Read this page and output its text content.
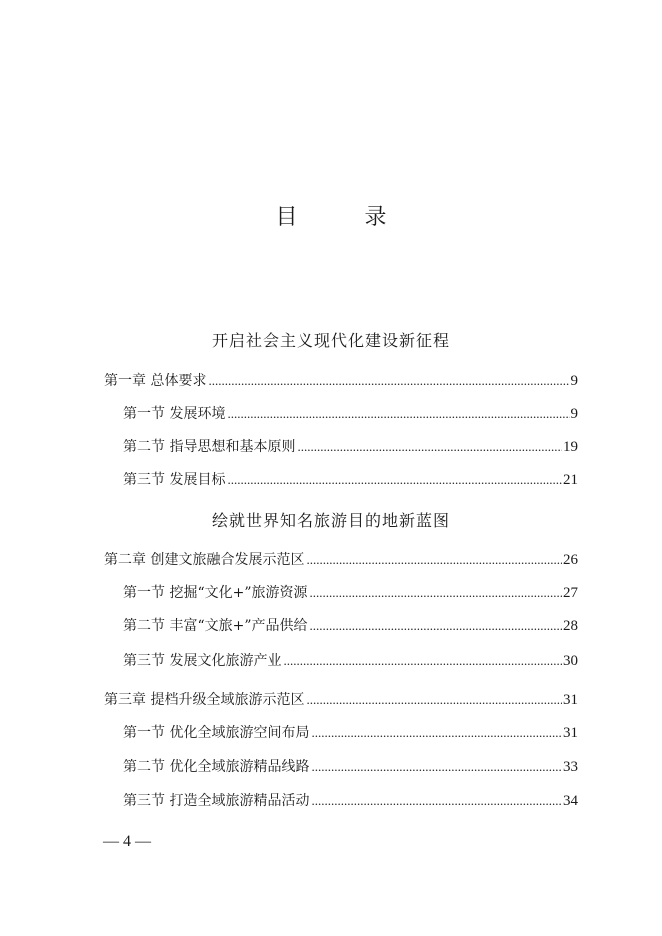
目	录
开启社会主义现代化建设新征程
第一章 总体要求 .....	9
第一节 发展环境 .....	9
第二节 指导思想和基本原则 .....	19
第三节 发展目标 .....	21
绘就世界知名旅游目的地新蓝图
第二章 创建文旅融合发展示范区 .....	26
第一节 挖掘“文化+”旅游资源 .....	27
第二节 丰富“文旅+”产品供给 .....	28
第三节 发展文化旅游产业 .....	30
第三章 提档升级全域旅游示范区 .....	31
第一节 优化全域旅游空间布局 .....	31
第二节 优化全域旅游精品线路 .....	33
第三节 打造全域旅游精品活动 .....	34
— 4 —
